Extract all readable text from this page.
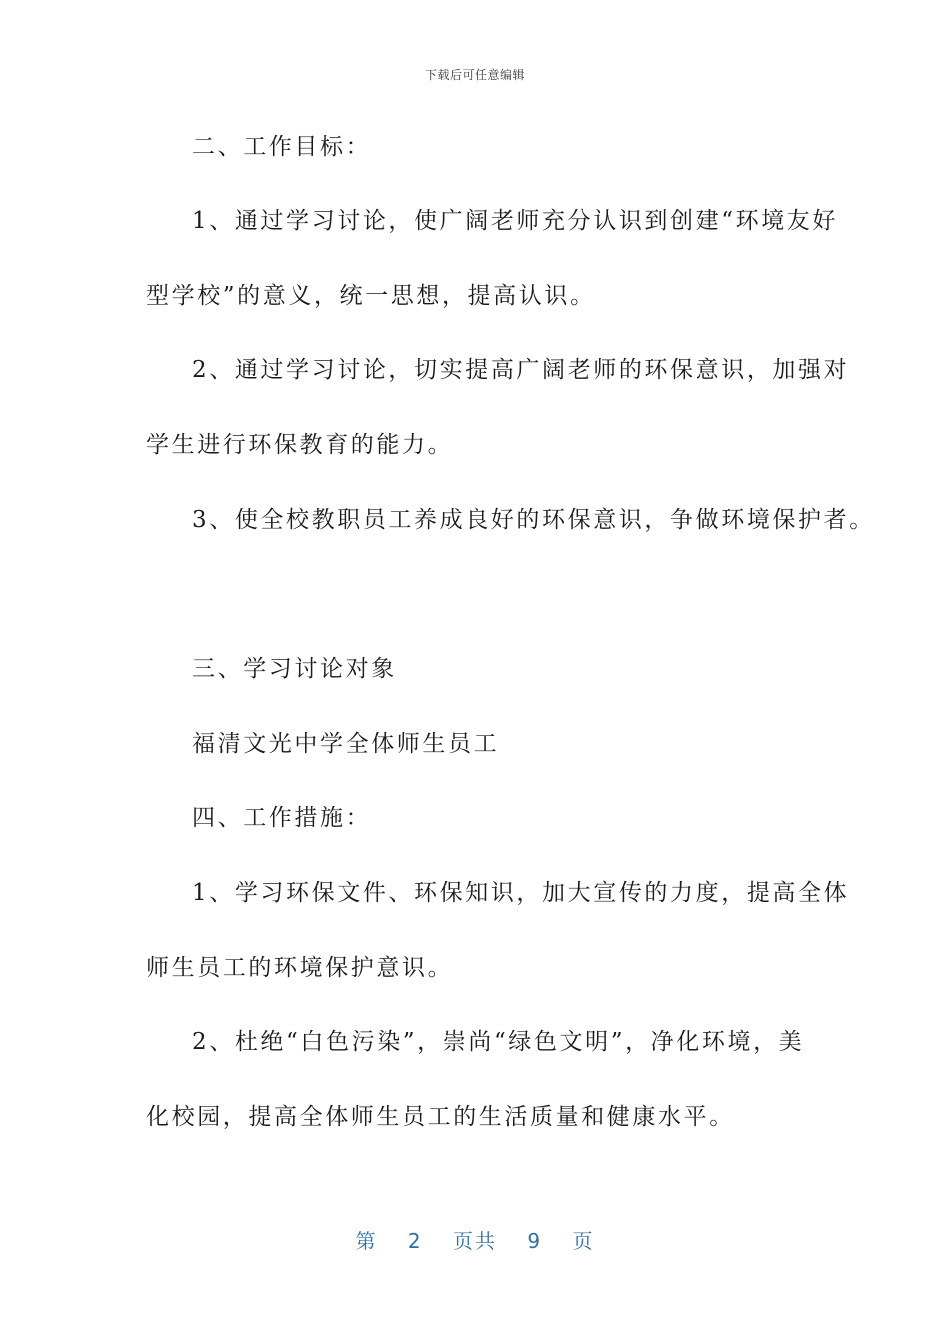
下载后可任意编辑
二、工作目标：
1、通过学习讨论，使广阔老师充分认识到创建“环境友好
型学校”的意义，统一思想，提高认识。
2、通过学习讨论，切实提高广阔老师的环保意识，加强对
学生进行环保教育的能力。
3、使全校教职员工养成良好的环保意识，争做环境保护者。
三、学习讨论对象
福清文光中学全体师生员工
四、工作措施：
1、学习环保文件、环保知识，加大宣传的力度，提高全体
师生员工的环境保护意识。
2、杜绝“白色污染”，崇尚“绿色文明”，净化环境，美
化校园，提高全体师生员工的生活质量和健康水平。
第 2 页共 9 页
